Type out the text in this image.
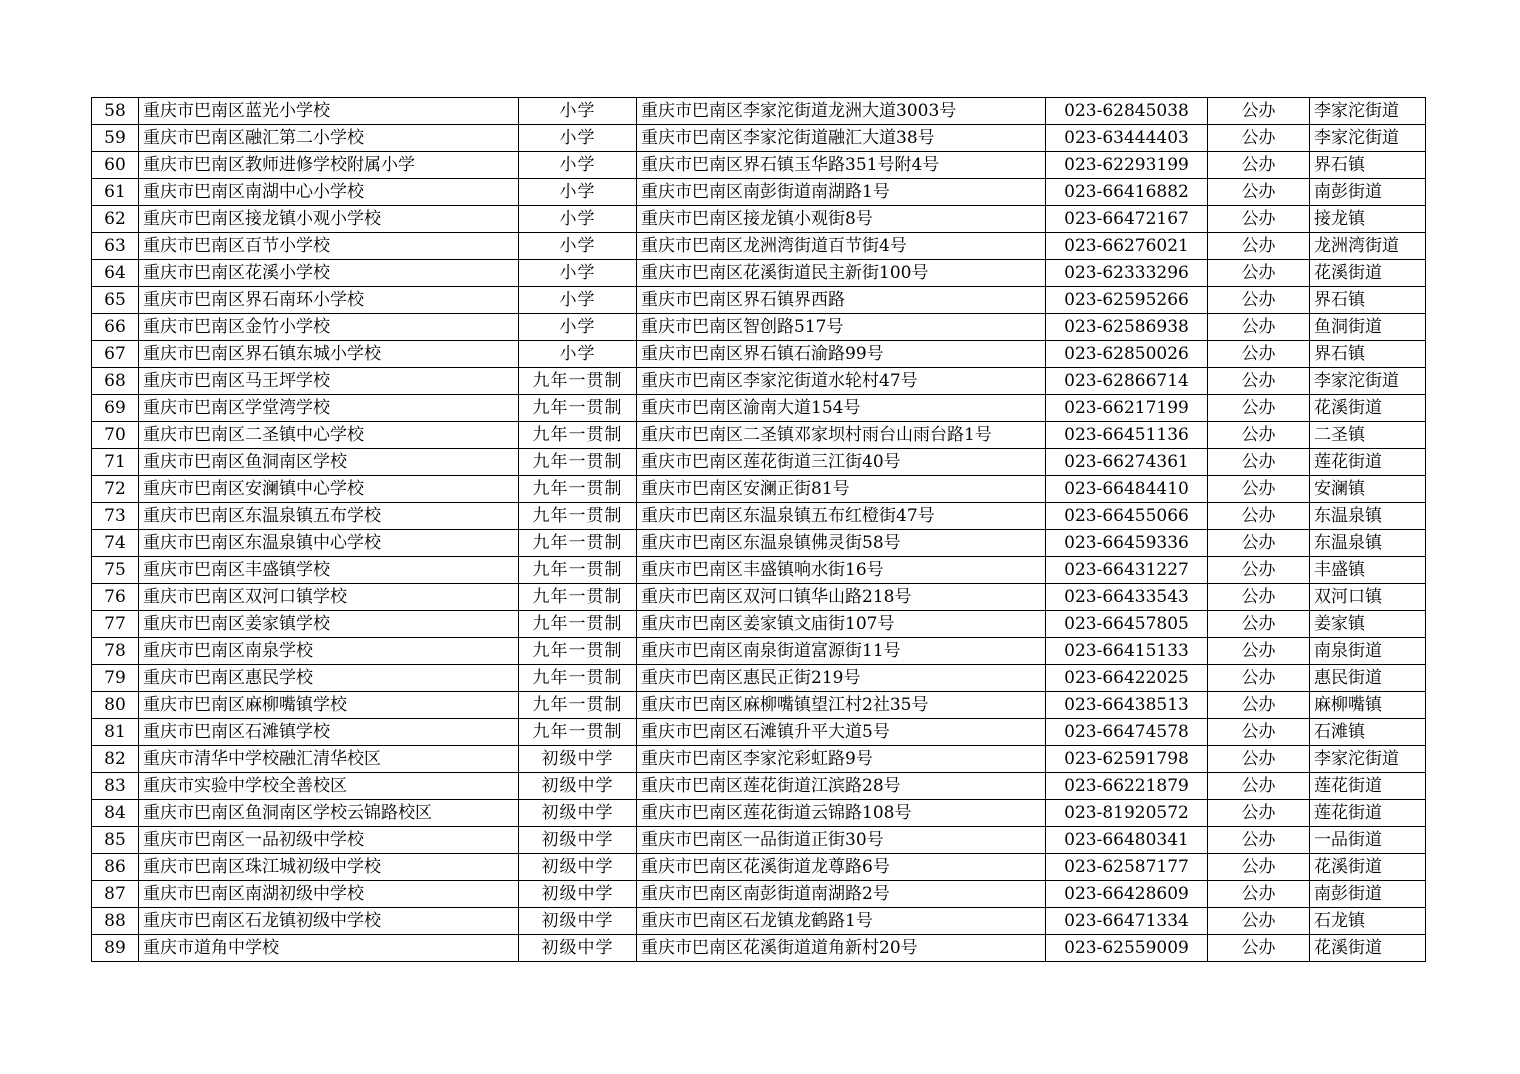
58	重庆市巴南区蓝光小学校	小学	重庆市巴南区李家沱街道龙洲大道3003号	023-62845038	公办	李家沱街道
59	重庆市巴南区融汇第二小学校	小学	重庆市巴南区李家沱街道融汇大道38号	023-63444403	公办	李家沱街道
60	重庆市巴南区教师进修学校附属小学	小学	重庆市巴南区界石镇玉华路351号附4号	023-62293199	公办	界石镇
61	重庆市巴南区南湖中心小学校	小学	重庆市巴南区南彭街道南湖路1号	023-66416882	公办	南彭街道
62	重庆市巴南区接龙镇小观小学校	小学	重庆市巴南区接龙镇小观街8号	023-66472167	公办	接龙镇
63	重庆市巴南区百节小学校	小学	重庆市巴南区龙洲湾街道百节街4号	023-66276021	公办	龙洲湾街道
64	重庆市巴南区花溪小学校	小学	重庆市巴南区花溪街道民主新街100号	023-62333296	公办	花溪街道
65	重庆市巴南区界石南环小学校	小学	重庆市巴南区界石镇界西路	023-62595266	公办	界石镇
66	重庆市巴南区金竹小学校	小学	重庆市巴南区智创路517号	023-62586938	公办	鱼洞街道
67	重庆市巴南区界石镇东城小学校	小学	重庆市巴南区界石镇石渝路99号	023-62850026	公办	界石镇
68	重庆市巴南区马王坪学校	九年一贯制	重庆市巴南区李家沱街道水轮村47号	023-62866714	公办	李家沱街道
69	重庆市巴南区学堂湾学校	九年一贯制	重庆市巴南区渝南大道154号	023-66217199	公办	花溪街道
70	重庆市巴南区二圣镇中心学校	九年一贯制	重庆市巴南区二圣镇邓家坝村雨台山雨台路1号	023-66451136	公办	二圣镇
71	重庆市巴南区鱼洞南区学校	九年一贯制	重庆市巴南区莲花街道三江街40号	023-66274361	公办	莲花街道
72	重庆市巴南区安澜镇中心学校	九年一贯制	重庆市巴南区安澜正街81号	023-66484410	公办	安澜镇
73	重庆市巴南区东温泉镇五布学校	九年一贯制	重庆市巴南区东温泉镇五布红橙街47号	023-66455066	公办	东温泉镇
74	重庆市巴南区东温泉镇中心学校	九年一贯制	重庆市巴南区东温泉镇佛灵街58号	023-66459336	公办	东温泉镇
75	重庆市巴南区丰盛镇学校	九年一贯制	重庆市巴南区丰盛镇响水街16号	023-66431227	公办	丰盛镇
76	重庆市巴南区双河口镇学校	九年一贯制	重庆市巴南区双河口镇华山路218号	023-66433543	公办	双河口镇
77	重庆市巴南区姜家镇学校	九年一贯制	重庆市巴南区姜家镇文庙街107号	023-66457805	公办	姜家镇
78	重庆市巴南区南泉学校	九年一贯制	重庆市巴南区南泉街道富源街11号	023-66415133	公办	南泉街道
79	重庆市巴南区惠民学校	九年一贯制	重庆市巴南区惠民正街219号	023-66422025	公办	惠民街道
80	重庆市巴南区麻柳嘴镇学校	九年一贯制	重庆市巴南区麻柳嘴镇望江村2社35号	023-66438513	公办	麻柳嘴镇
81	重庆市巴南区石滩镇学校	九年一贯制	重庆市巴南区石滩镇升平大道5号	023-66474578	公办	石滩镇
82	重庆市清华中学校融汇清华校区	初级中学	重庆市巴南区李家沱彩虹路9号	023-62591798	公办	李家沱街道
83	重庆市实验中学校全善校区	初级中学	重庆市巴南区莲花街道江滨路28号	023-66221879	公办	莲花街道
84	重庆市巴南区鱼洞南区学校云锦路校区	初级中学	重庆市巴南区莲花街道云锦路108号	023-81920572	公办	莲花街道
85	重庆市巴南区一品初级中学校	初级中学	重庆市巴南区一品街道正街30号	023-66480341	公办	一品街道
86	重庆市巴南区珠江城初级中学校	初级中学	重庆市巴南区花溪街道龙尊路6号	023-62587177	公办	花溪街道
87	重庆市巴南区南湖初级中学校	初级中学	重庆市巴南区南彭街道南湖路2号	023-66428609	公办	南彭街道
88	重庆市巴南区石龙镇初级中学校	初级中学	重庆市巴南区石龙镇龙鹤路1号	023-66471334	公办	石龙镇
89	重庆市道角中学校	初级中学	重庆市巴南区花溪街道道角新村20号	023-62559009	公办	花溪街道
